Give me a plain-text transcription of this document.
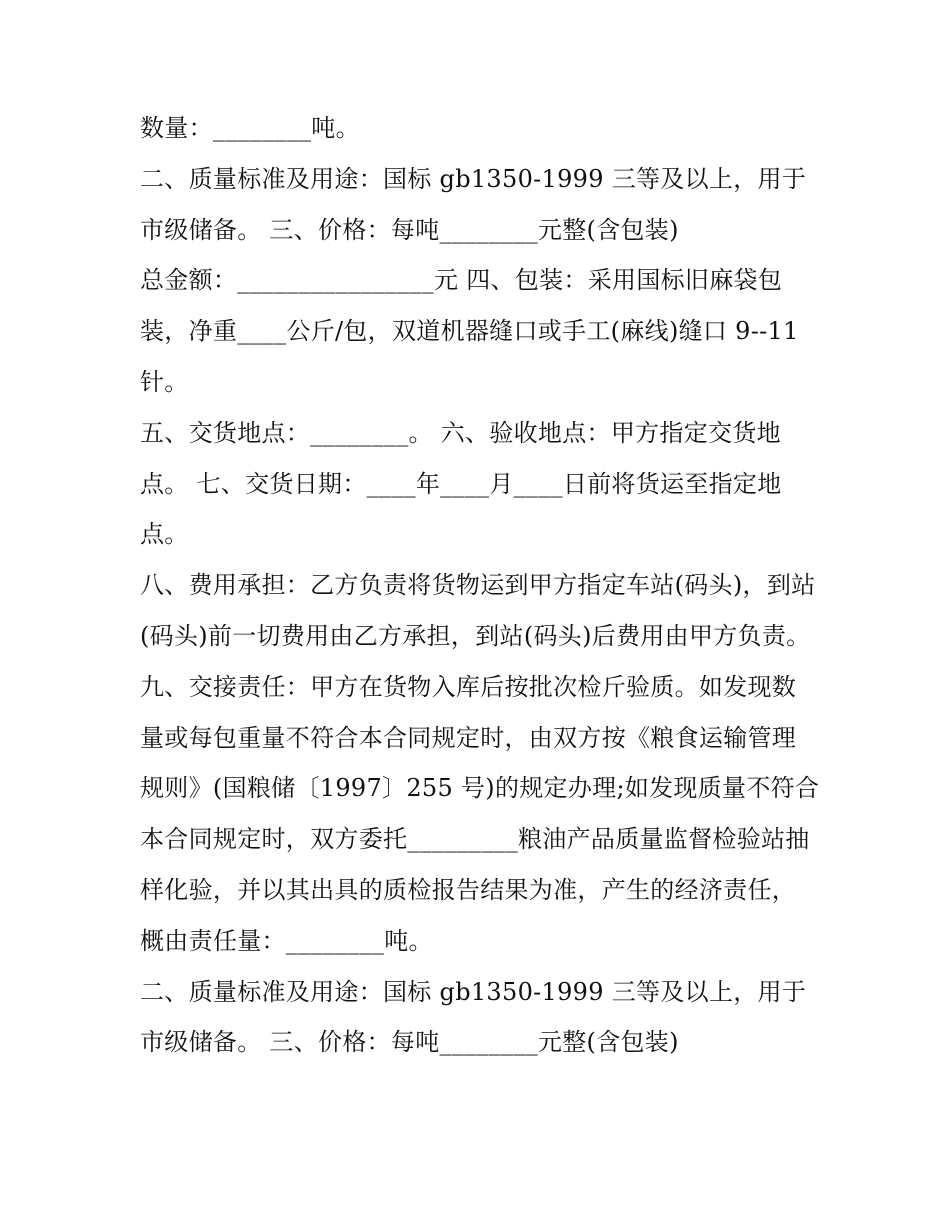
数量：________吨。

二、质量标准及用途：国标 gb1350-1999 三等及以上，用于市级储备。 三、价格：每吨________元整(含包装)

总金额：________________元 四、包装：采用国标旧麻袋包装，净重____公斤/包，双道机器缝口或手工(麻线)缝口 9--11 针。

五、交货地点：________。 六、验收地点：甲方指定交货地点。 七、交货日期：____年____月____日前将货运至指定地点。

八、费用承担：乙方负责将货物运到甲方指定车站(码头)，到站(码头)前一切费用由乙方承担，到站(码头)后费用由甲方负责。

九、交接责任：甲方在货物入库后按批次检斤验质。如发现数量或每包重量不符合本合同规定时，由双方按《粮食运输管理规则》(国粮储〔1997〕255 号)的规定办理;如发现质量不符合本合同规定时，双方委托_________粮油产品质量监督检验站抽样化验，并以其出具的质检报告结果为准，产生的经济责任，概由责任量：________吨。

二、质量标准及用途：国标 gb1350-1999 三等及以上，用于市级储备。 三、价格：每吨________元整(含包装)
